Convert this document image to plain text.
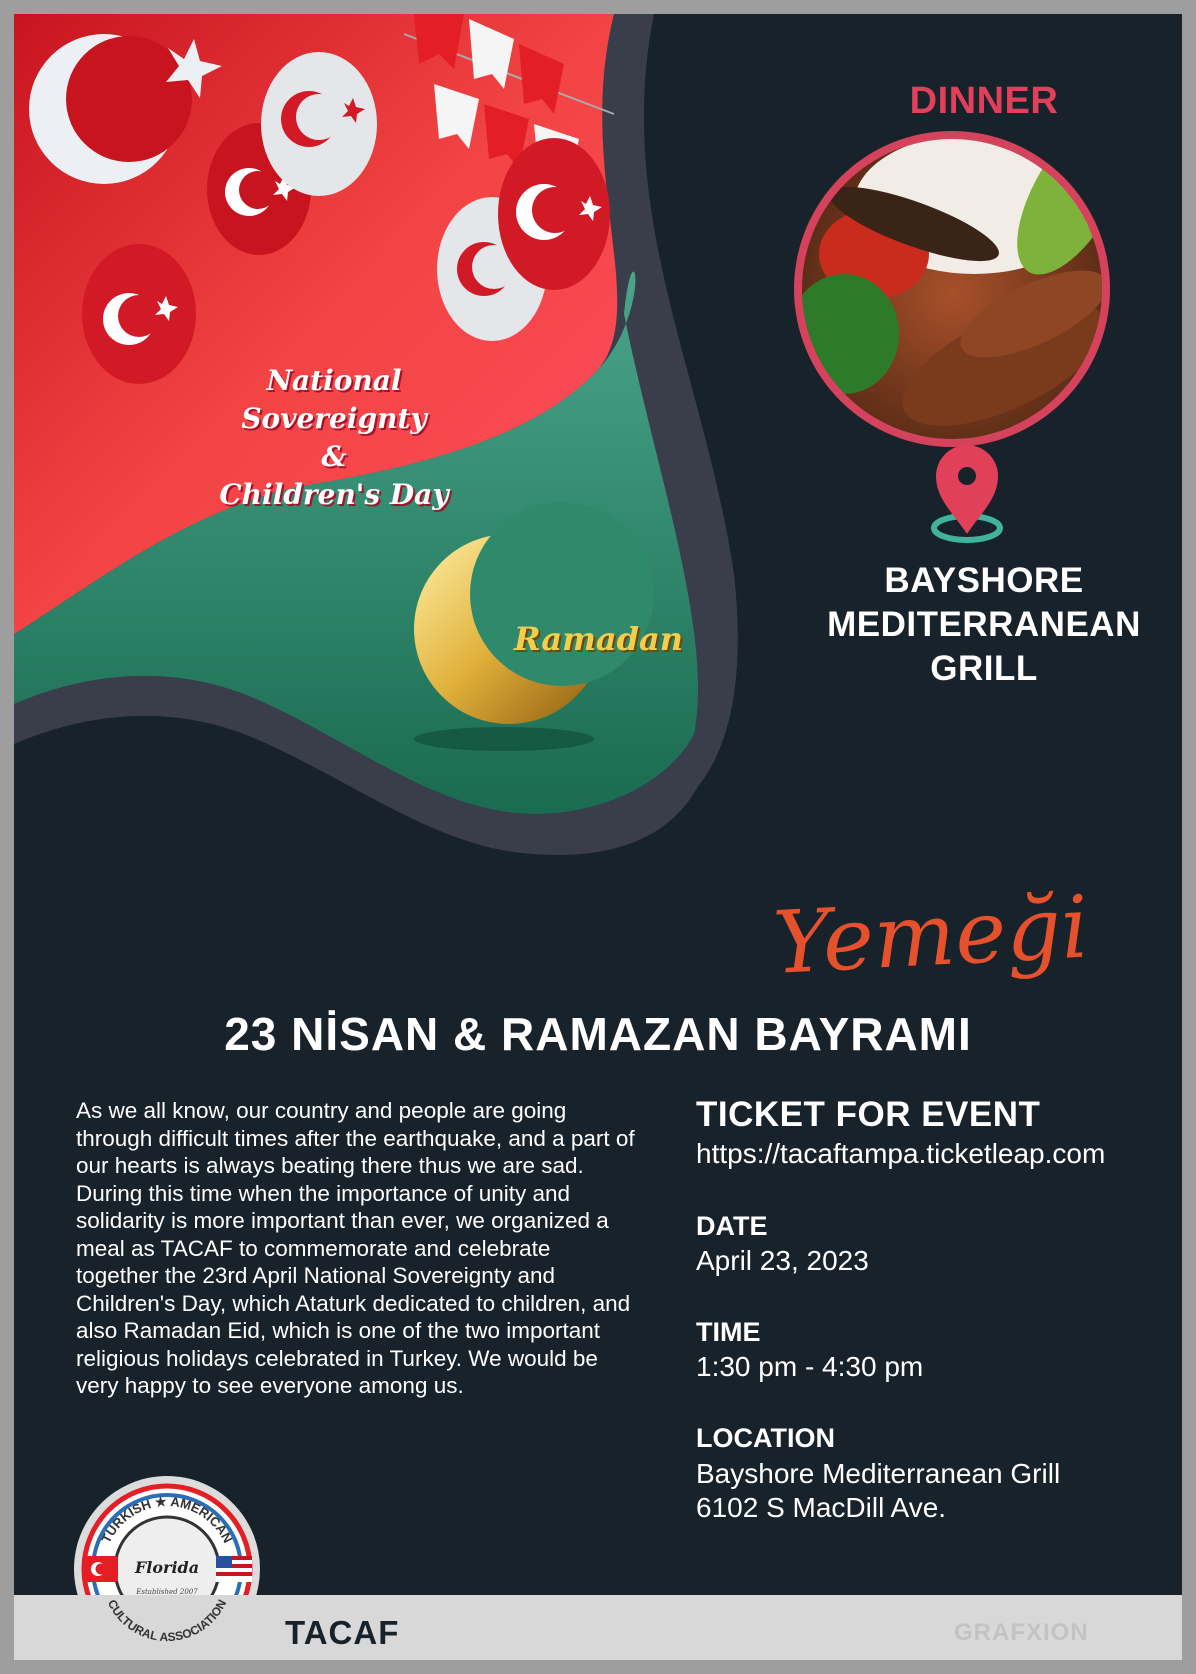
DINNER
BAYSHORE
MEDITERRANEAN
GRILL
National Sovereignty
&
Children's Day
Ramadan
Yemeği
23 NİSAN & RAMAZAN BAYRAMI
As we all know, our country and people are going through difficult times after the earthquake, and a part of our hearts is always beating there thus we are sad. During this time when the importance of unity and solidarity is more important than ever, we organized a meal as TACAF to commemorate and celebrate together the 23rd April National Sovereignty and Children's Day, which Ataturk dedicated to children, and also Ramadan Eid, which is one of the two important religious holidays celebrated in Turkey. We would be very happy to see everyone among us.
TICKET FOR EVENT
https://tacaftampa.ticketleap.com
DATE
April 23, 2023
TIME
1:30 pm - 4:30 pm
LOCATION
Bayshore Mediterranean Grill
6102 S MacDill Ave.
TACAF	GRAFXION
TURKISH ★ AMERICAN
CULTURAL ASSOCIATION
Florida
Established 2007
